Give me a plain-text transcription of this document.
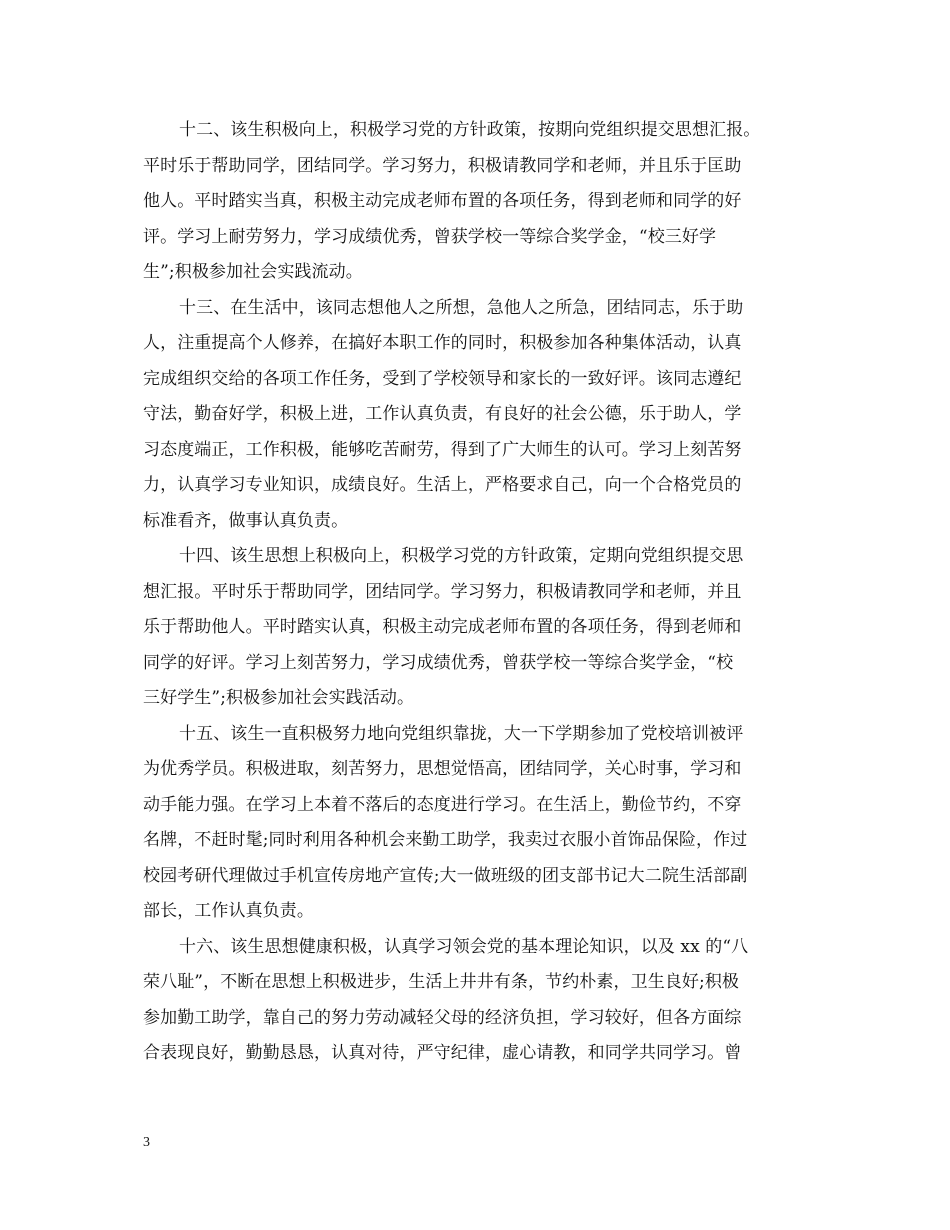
十二、该生积极向上，积极学习党的方针政策，按期向党组织提交思想汇报。
平时乐于帮助同学，团结同学。学习努力，积极请教同学和老师，并且乐于匡助
他人。平时踏实当真，积极主动完成老师布置的各项任务，得到老师和同学的好
评。学习上耐劳努力，学习成绩优秀，曾获学校一等综合奖学金，“校三好学
生”;积极参加社会实践流动。
十三、在生活中，该同志想他人之所想，急他人之所急，团结同志，乐于助
人，注重提高个人修养，在搞好本职工作的同时，积极参加各种集体活动，认真
完成组织交给的各项工作任务，受到了学校领导和家长的一致好评。该同志遵纪
守法，勤奋好学，积极上进，工作认真负责，有良好的社会公德，乐于助人，学
习态度端正，工作积极，能够吃苦耐劳，得到了广大师生的认可。学习上刻苦努
力，认真学习专业知识，成绩良好。生活上，严格要求自己，向一个合格党员的
标准看齐，做事认真负责。
十四、该生思想上积极向上，积极学习党的方针政策，定期向党组织提交思
想汇报。平时乐于帮助同学，团结同学。学习努力，积极请教同学和老师，并且
乐于帮助他人。平时踏实认真，积极主动完成老师布置的各项任务，得到老师和
同学的好评。学习上刻苦努力，学习成绩优秀，曾获学校一等综合奖学金，“校
三好学生”;积极参加社会实践活动。
十五、该生一直积极努力地向党组织靠拢，大一下学期参加了党校培训被评
为优秀学员。积极进取，刻苦努力，思想觉悟高，团结同学，关心时事，学习和
动手能力强。在学习上本着不落后的态度进行学习。在生活上，勤俭节约，不穿
名牌，不赶时髦;同时利用各种机会来勤工助学，我卖过衣服小首饰品保险，作过
校园考研代理做过手机宣传房地产宣传;大一做班级的团支部书记大二院生活部副
部长，工作认真负责。
十六、该生思想健康积极，认真学习领会党的基本理论知识，以及 xx 的“八
荣八耻”，不断在思想上积极进步，生活上井井有条，节约朴素，卫生良好;积极
参加勤工助学，靠自己的努力劳动减轻父母的经济负担，学习较好，但各方面综
合表现良好，勤勤恳恳，认真对待，严守纪律，虚心请教，和同学共同学习。曾
3
